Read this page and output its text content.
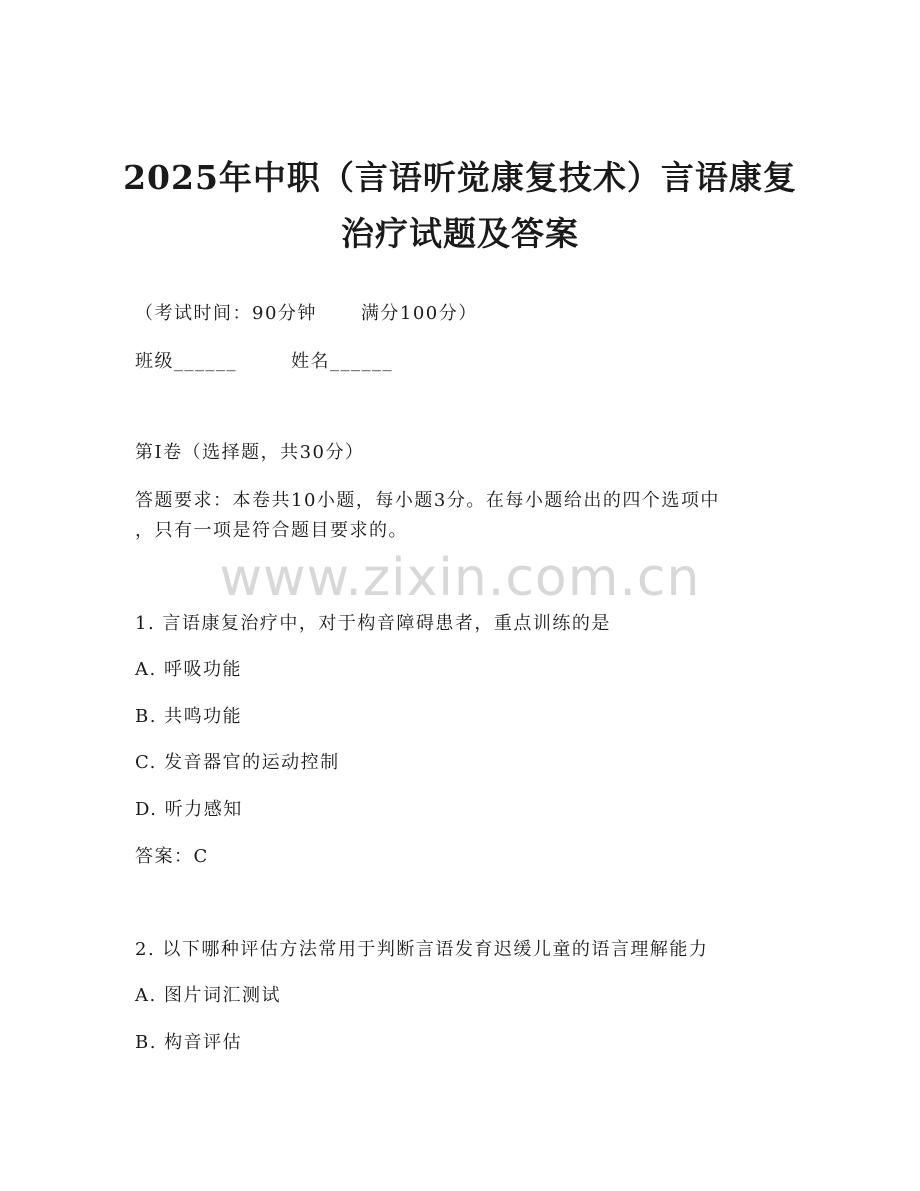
2025年中职（言语听觉康复技术）言语康复
治疗试题及答案
（考试时间：90分钟 满分100分）
班级______	姓名______
第I卷（选择题，共30分）
答题要求：本卷共10小题，每小题3分。在每小题给出的四个选项中
，只有一项是符合题目要求的。
www.zixin.com.cn
1. 言语康复治疗中，对于构音障碍患者，重点训练的是
A. 呼吸功能
B. 共鸣功能
C. 发音器官的运动控制
D. 听力感知
答案：C
2. 以下哪种评估方法常用于判断言语发育迟缓儿童的语言理解能力
A. 图片词汇测试
B. 构音评估
